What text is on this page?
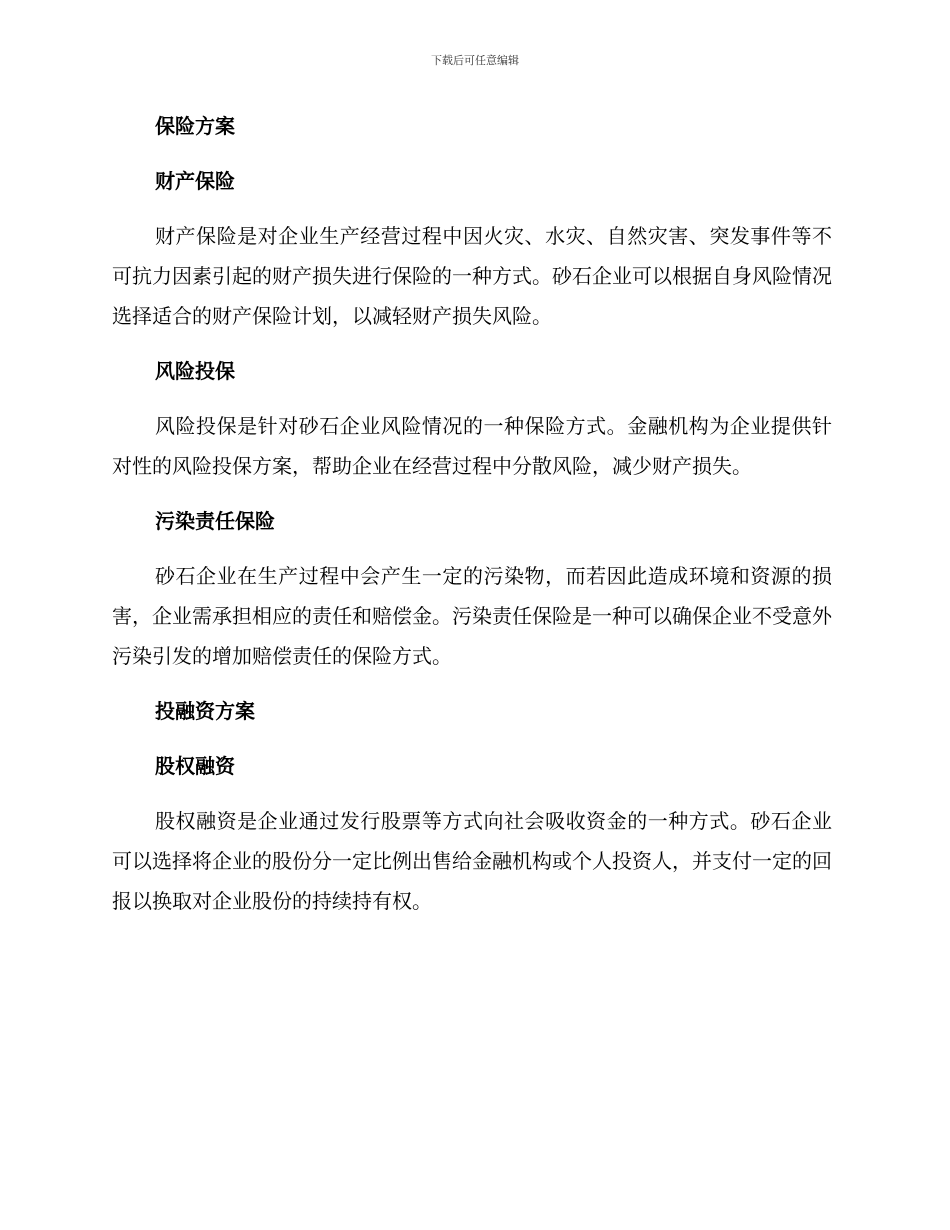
下载后可任意编辑
保险方案
财产保险

财产保险是对企业生产经营过程中因火灾、水灾、自然灾害、突发事件等不可抗力因素引起的财产损失进行保险的一种方式。砂石企业可以根据自身风险情况选择适合的财产保险计划，以减轻财产损失风险。

风险投保

风险投保是针对砂石企业风险情况的一种保险方式。金融机构为企业提供针对性的风险投保方案，帮助企业在经营过程中分散风险，减少财产损失。

污染责任保险

砂石企业在生产过程中会产生一定的污染物，而若因此造成环境和资源的损害，企业需承担相应的责任和赔偿金。污染责任保险是一种可以确保企业不受意外污染引发的增加赔偿责任的保险方式。

投融资方案
股权融资

股权融资是企业通过发行股票等方式向社会吸收资金的一种方式。砂石企业可以选择将企业的股份分一定比例出售给金融机构或个人投资人，并支付一定的回报以换取对企业股份的持续持有权。
